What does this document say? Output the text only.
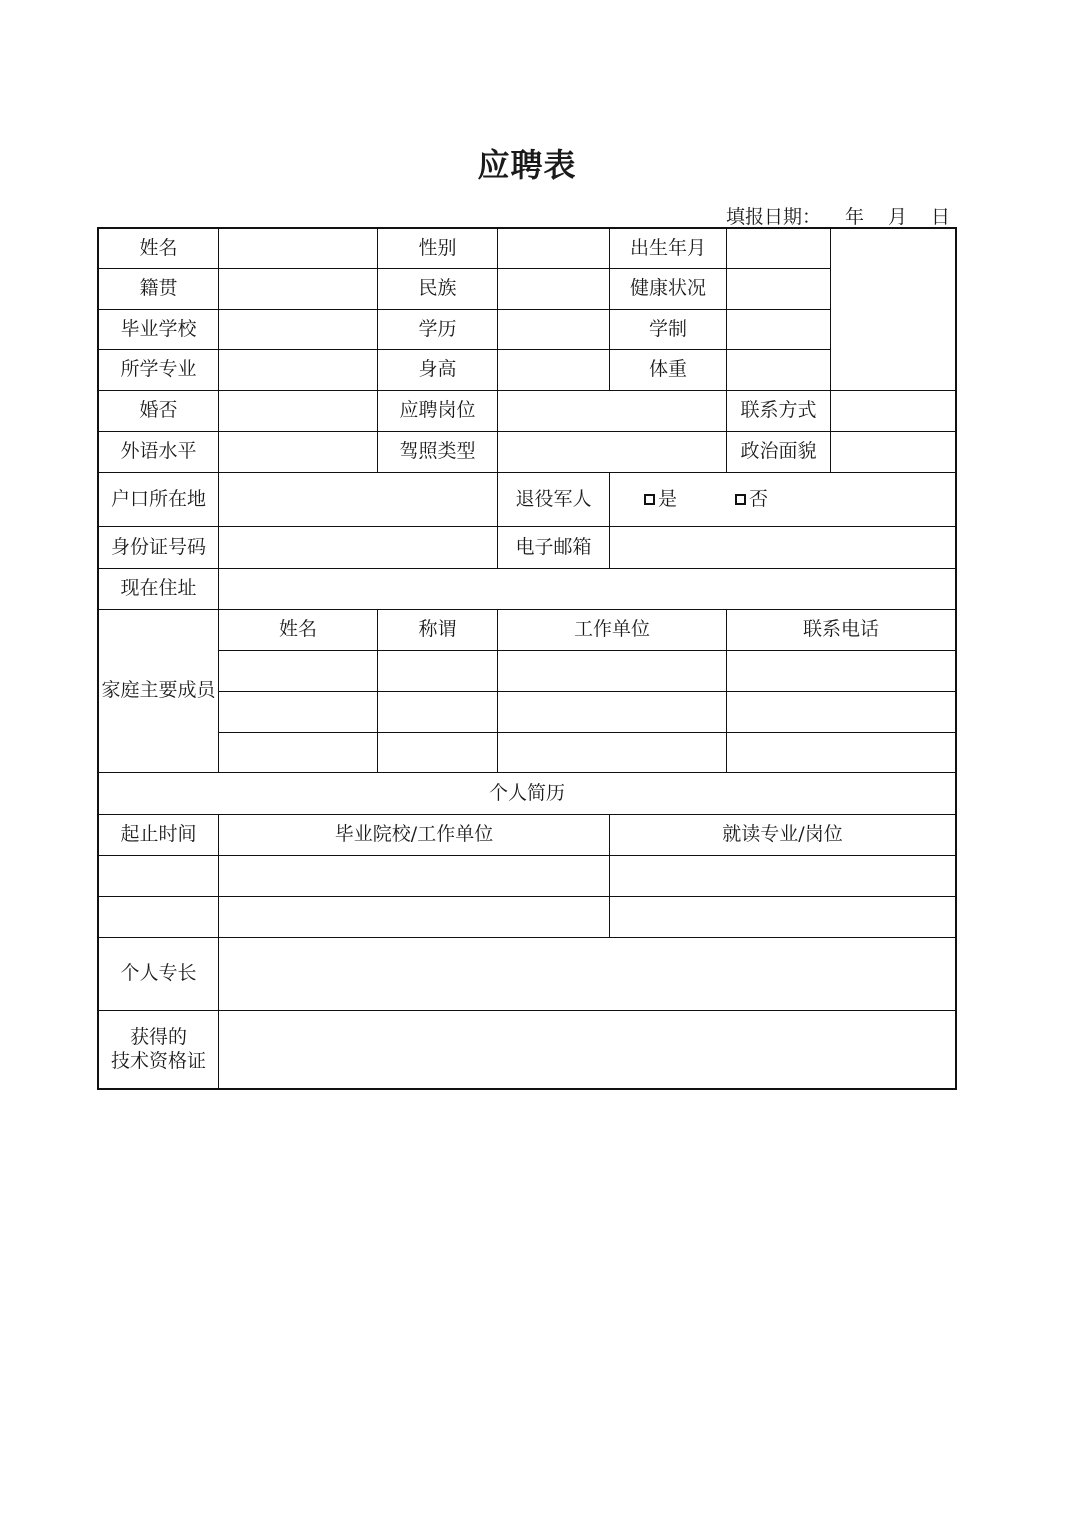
应聘表
填报日期： 年 月 日
姓名	性别	出生年月
籍贯	民族	健康状况
毕业学校	学历	学制
所学专业	身高	体重
婚否	应聘岗位	联系方式
外语水平	驾照类型	政治面貌
户口所在地	退役军人	是	否
身份证号码	电子邮箱
现在住址
家庭主要成员
姓名	称谓	工作单位	联系电话
个人简历
起止时间	毕业院校/工作单位	就读专业/岗位
个人专长
获得的
技术资格证
